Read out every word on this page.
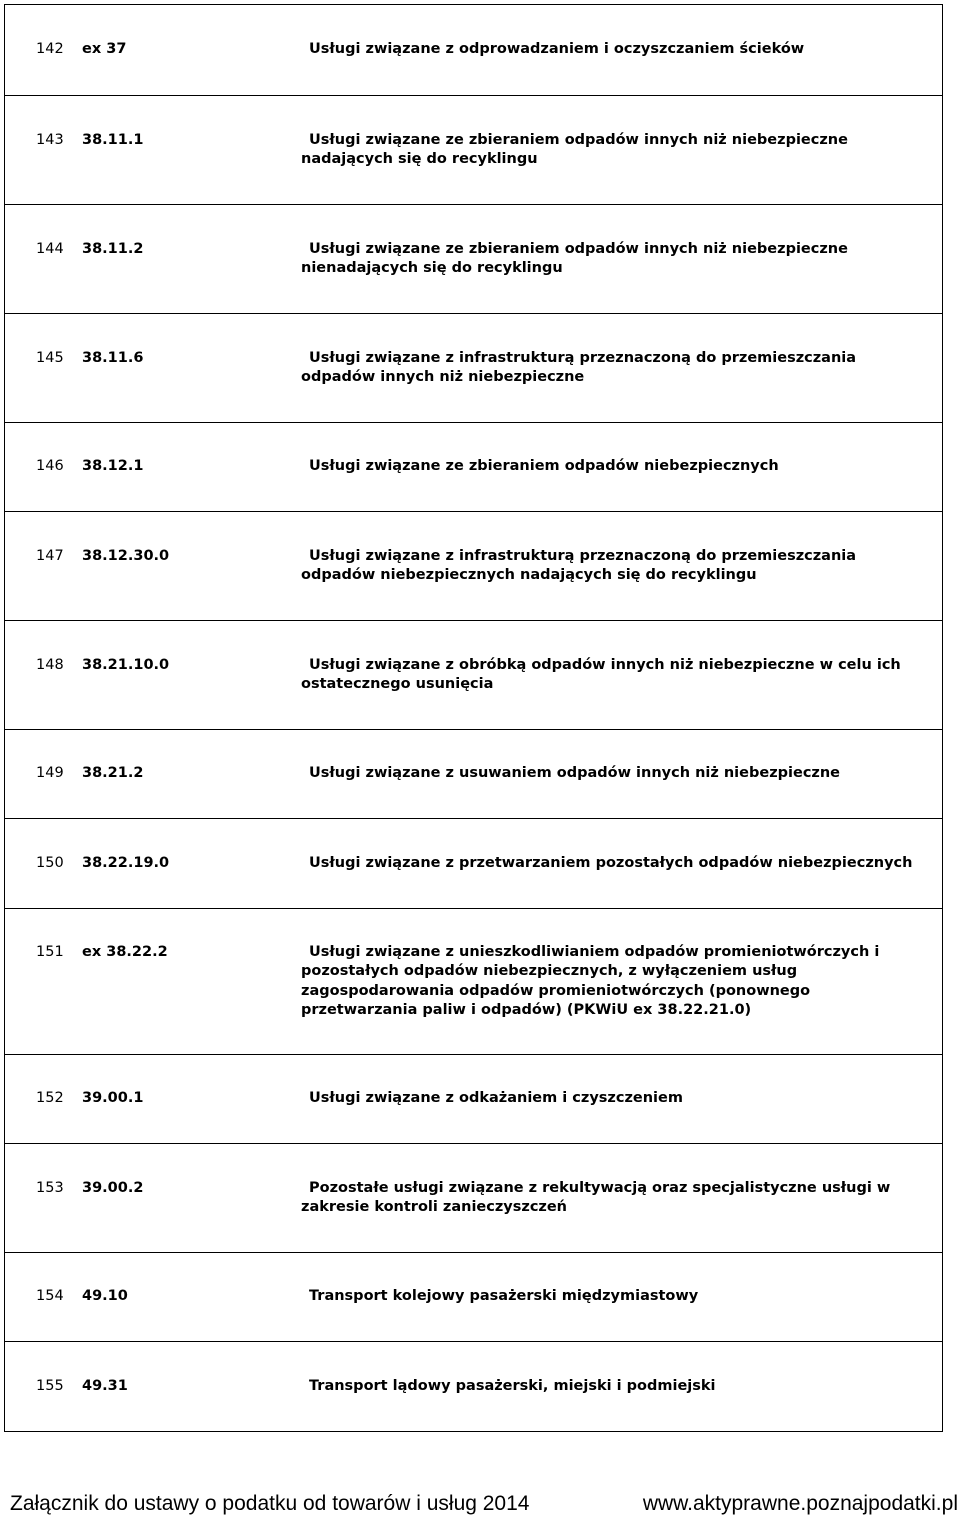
142	ex 37	Usługi związane z odprowadzaniem i oczyszczaniem ścieków

143	38.11.1	Usługi związane ze zbieraniem odpadów innych niż niebezpieczne nadających się do recyklingu

144	38.11.2	Usługi związane ze zbieraniem odpadów innych niż niebezpieczne nienadających się do recyklingu

145	38.11.6	Usługi związane z infrastrukturą przeznaczoną do przemieszczania odpadów innych niż niebezpieczne

146	38.12.1	Usługi związane ze zbieraniem odpadów niebezpiecznych

147	38.12.30.0	Usługi związane z infrastrukturą przeznaczoną do przemieszczania odpadów niebezpiecznych nadających się do recyklingu

148	38.21.10.0	Usługi związane z obróbką odpadów innych niż niebezpieczne w celu ich ostatecznego usunięcia

149	38.21.2	Usługi związane z usuwaniem odpadów innych niż niebezpieczne

150	38.22.19.0	Usługi związane z przetwarzaniem pozostałych odpadów niebezpiecznych

151	ex 38.22.2	Usługi związane z unieszkodliwianiem odpadów promieniotwórczych i pozostałych odpadów niebezpiecznych, z wyłączeniem usług zagospodarowania odpadów promieniotwórczych (ponownego przetwarzania paliw i odpadów) (PKWiU ex 38.22.21.0)

152	39.00.1	Usługi związane z odkażaniem i czyszczeniem

153	39.00.2	Pozostałe usługi związane z rekultywacją oraz specjalistyczne usługi w zakresie kontroli zanieczyszczeń

154	49.10	Transport kolejowy pasażerski międzymiastowy

155	49.31	Transport lądowy pasażerski, miejski i podmiejski
Załącznik do ustawy o podatku od towarów i usług 2014	www.aktyprawne.poznajpodatki.pl
